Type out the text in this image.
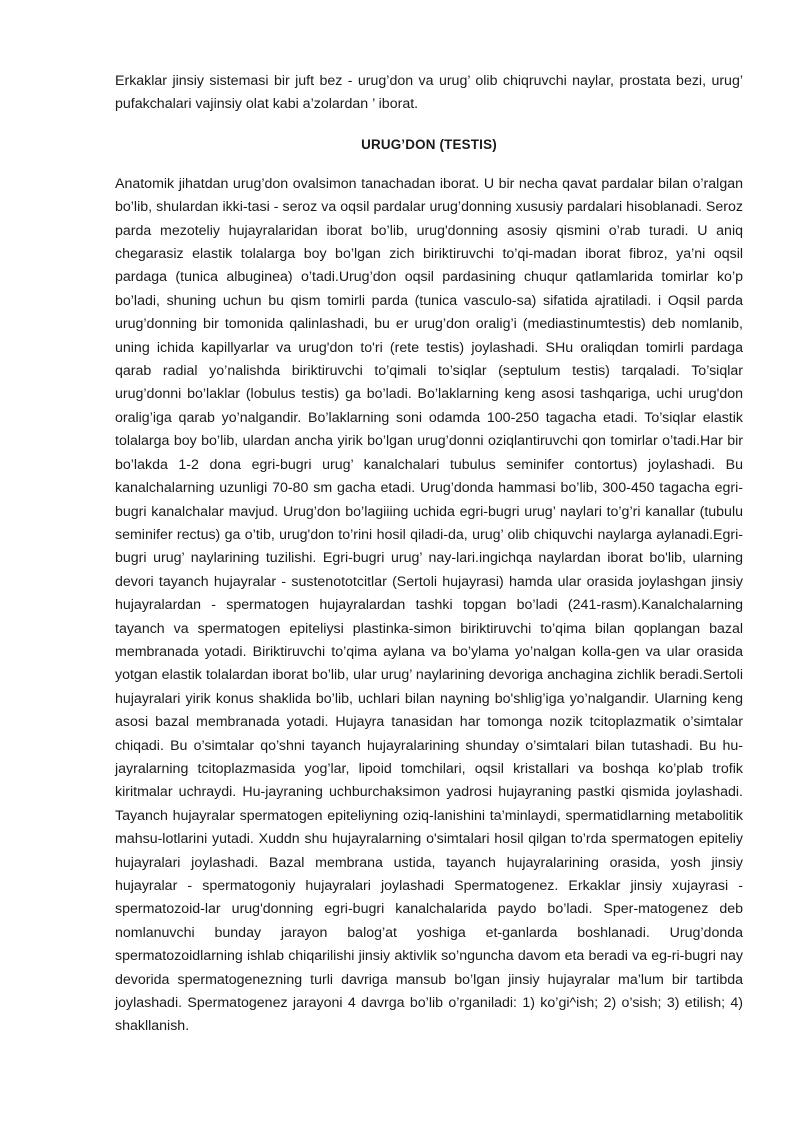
Erkaklar jinsiy sistemasi bir juft bez - urug’don va urug’ olib chiqruvchi naylar, prostata bezi, urug’ pufakchalari vajinsiy olat kabi a’zolardan ’ iborat.

URUG’DON (TESTIS)

Anatomik jihatdan urug’don ovalsimon tanachadan iborat. U bir necha qavat pardalar bilan o’ralgan bo’lib, shulardan ikki-tasi - seroz va oqsil pardalar urug’donning xususiy pardalari hisoblanadi. Seroz parda mezoteliy hujayralaridan iborat bo’lib, urug'donning asosiy qismini o’rab turadi. U aniq chegarasiz elastik tolalarga boy bo’lgan zich biriktiruvchi to’qi-madan iborat fibroz, ya’ni oqsil pardaga (tunica albuginea) o’tadi.Urug’don oqsil pardasining chuqur qatlamlarida tomirlar ko’p bo’ladi, shuning uchun bu qism tomirli parda (tunica vasculo-sa) sifatida ajratiladi. i Oqsil parda urug’donning bir tomonida qalinlashadi, bu er urug’don oralig’i (mediastinumtestis) deb nomlanib, uning ichida kapillyarlar va urug'don to'ri (rete testis) joylashadi. SHu oraliqdan tomirli pardaga qarab radial yo’nalishda biriktiruvchi to’qimali to’siqlar (septulum testis) tarqaladi. To’siqlar urug’donni bo’laklar (lobulus testis) ga bo’ladi. Bo’laklarning keng asosi tashqariga, uchi urug'don oralig’iga qarab yo’nalgandir. Bo’laklarning soni odamda 100-250 tagacha etadi. To’siqlar elastik tolalarga boy bo’lib, ulardan ancha yirik bo’lgan urug’donni oziqlantiruvchi qon tomirlar o’tadi.Har bir bo’lakda 1-2 dona egri-bugri urug’ kanalchalari tubulus seminifer contortus) joylashadi. Bu kanalchalarning uzunligi 70-80 sm gacha etadi. Urug’donda hammasi bo’lib, 300-450 tagacha egri-bugri kanalchalar mavjud. Urug’don bo’lagiiing uchida egri-bugri urug’ naylari to’g’ri kanallar (tubulu seminifer rectus) ga o’tib, urug'don to’rini hosil qiladi-da, urug’ olib chiquvchi naylarga aylanadi.Egri-bugri urug’ naylarining tuzilishi. Egri-bugri urug’ nay-lari.ingichqa naylardan iborat bo'lib, ularning devori tayanch hujayralar - sustenototcitlar (Sertoli hujayrasi) hamda ular orasida joylashgan jinsiy hujayralardan - spermatogen hujayralardan tashki topgan bo’ladi (241-rasm).Kanalchalarning tayanch va spermatogen epiteliysi plastinka-simon biriktiruvchi to’qima bilan qoplangan bazal membranada yotadi. Biriktiruvchi to’qima aylana va bo’ylama yo’nalgan kolla-gen va ular orasida yotgan elastik tolalardan iborat bo’lib, ular urug’ naylarining devoriga anchagina zichlik beradi.Sertoli hujayralari yirik konus shaklida bo’lib, uchlari bilan nayning bo'shlig’iga yo’nalgandir. Ularning keng asosi bazal membranada yotadi. Hujayra tanasidan har tomonga nozik tcitoplazmatik o’simtalar chiqadi. Bu o’simtalar qo’shni tayanch hujayralarining shunday o’simtalari bilan tutashadi. Bu hu-jayralarning tcitoplazmasida yog’lar, lipoid tomchilari, oqsil kristallari va boshqa ko’plab trofik kiritmalar uchraydi. Hu-jayraning uchburchaksimon yadrosi hujayraning pastki qismida joylashadi. Tayanch hujayralar spermatogen epiteliyning oziq-lanishini ta’minlaydi, spermatidlarning metabolitik mahsu-lotlarini yutadi. Xuddn shu hujayralarning o'simtalari hosil qilgan to’rda spermatogen epiteliy hujayralari joylashadi. Bazal membrana ustida, tayanch hujayralarining orasida, yosh jinsiy hujayralar - spermatogoniy hujayralari joylashadi Spermatogenez. Erkaklar jinsiy xujayrasi - spermatozoid-lar urug'donning egri-bugri kanalchalarida paydo bo’ladi. Sper-matogenez deb nomlanuvchi bunday jarayon balog’at yoshiga et-ganlarda boshlanadi. Urug’donda spermatozoidlarning ishlab chiqarilishi jinsiy aktivlik so’nguncha davom eta beradi va eg-ri-bugri nay devorida spermatogenezning turli davriga mansub bo’lgan jinsiy hujayralar ma’lum bir tartibda joylashadi. Spermatogenez jarayoni 4 davrga bo’lib o’rganiladi: 1) ko’gi^ish; 2) o’sish; 3) etilish; 4) shakllanish.
